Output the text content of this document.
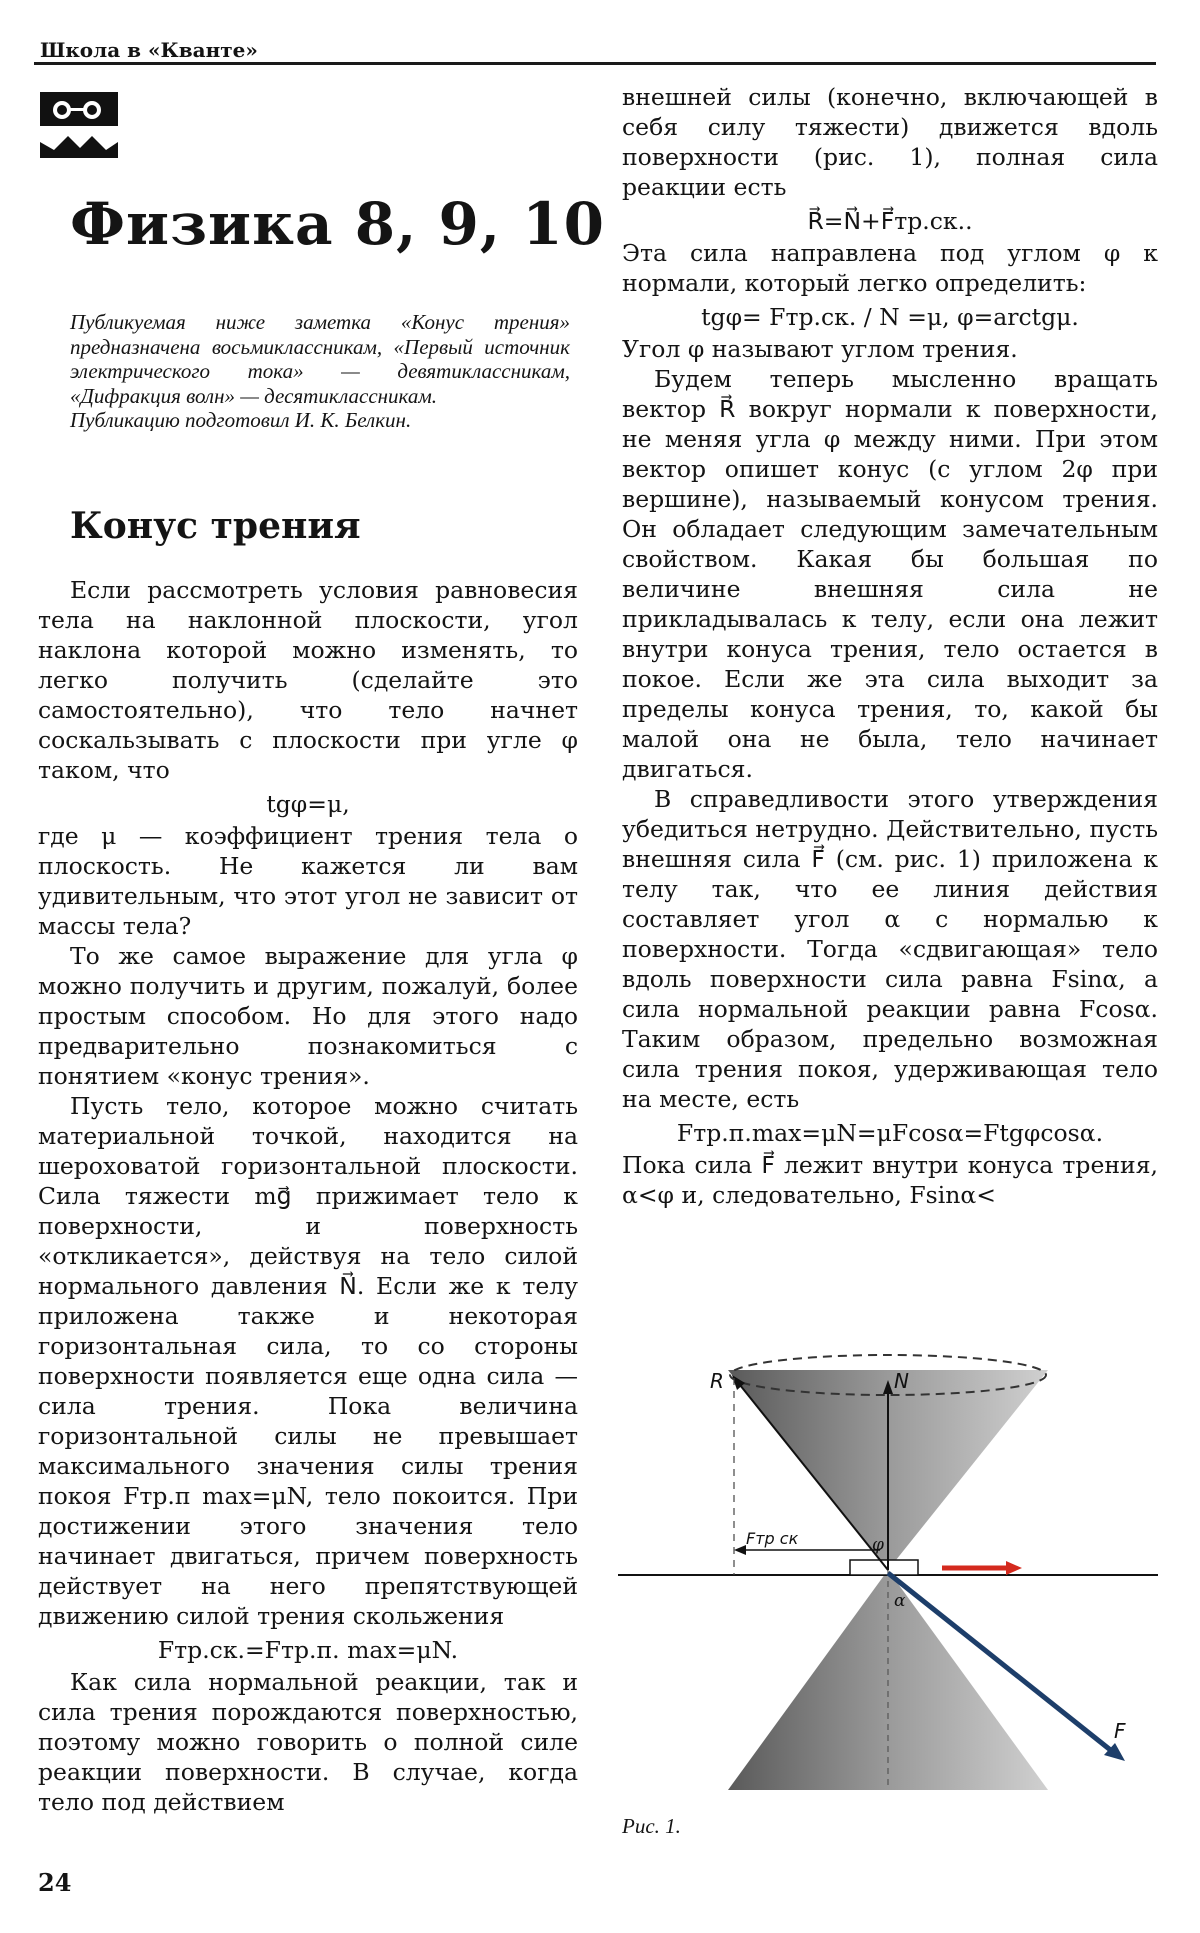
Школа в «Кванте»
Физика 8, 9, 10

Публикуемая ниже заметка «Конус трения» предназначена восьмиклассникам, «Первый источник электрического тока» — девятиклассникам, «Дифракция волн» — десятиклассникам.

Публикацию подготовил И. К. Белкин.

Конус трения

Если рассмотреть условия равновесия тела на наклонной плоскости, угол наклона которой можно изменять, то легко получить (сделайте это самостоятельно), что тело начнет соскальзывать с плоскости при угле φ таком, что

tgφ=μ,

где μ — коэффициент трения тела о плоскость. Не кажется ли вам удивительным, что этот угол не зависит от массы тела?

То же самое выражение для угла φ можно получить и другим, пожалуй, более простым способом. Но для этого надо предварительно познакомиться с понятием «конус трения».

Пусть тело, которое можно считать материальной точкой, находится на шероховатой горизонтальной плоскости. Сила тяжести mg⃗ прижимает тело к поверхности, и поверхность «откликается», действуя на тело силой нормального давления N⃗. Если же к телу приложена также и некоторая горизонтальная сила, то со стороны поверхности появляется еще одна сила — сила трения. Пока величина горизонтальной силы не превышает максимального значения силы трения покоя Fтр.п max=μN, тело покоится. При достижении этого значения тело начинает двигаться, причем поверхность действует на него препятствующей движению силой трения скольжения

Fтр.ск.=Fтр.п. max=μN.

Как сила нормальной реакции, так и сила трения порождаются поверхностью, поэтому можно говорить о полной силе реакции поверхности. В случае, когда тело под действием

внешней силы (конечно, включающей в себя силу тяжести) движется вдоль поверхности (рис. 1), полная сила реакции есть

R⃗=N⃗+F⃗тр.ск..

Эта сила направлена под углом φ к нормали, который легко определить:

tgφ= Fтр.ск. / N =μ, φ=arctgμ.

Угол φ называют углом трения.

Будем теперь мысленно вращать вектор R⃗ вокруг нормали к поверхности, не меняя угла φ между ними. При этом вектор опишет конус (с углом 2φ при вершине), называемый конусом трения. Он обладает следующим замечательным свойством. Какая бы большая по величине внешняя сила не прикладывалась к телу, если она лежит внутри конуса трения, тело остается в покое. Если же эта сила выходит за пределы конуса трения, то, какой бы малой она не была, тело начинает двигаться.

В справедливости этого утверждения убедиться нетрудно. Действительно, пусть внешняя сила F⃗ (см. рис. 1) приложена к телу так, что ее линия действия составляет угол α с нормалью к поверхности. Тогда «сдвигающая» тело вдоль поверхности сила равна Fsinα, а сила нормальной реакции равна Fcosα. Таким образом, предельно возможная сила трения покоя, удерживающая тело на месте, есть

Fтр.п.max=μN=μFcosα=Ftgφcosα.

Пока сила F⃗ лежит внутри конуса трения, α<φ и, следовательно, Fsinα<

R	N
F
Fтр ск	φ
α
Рис. 1.
24
